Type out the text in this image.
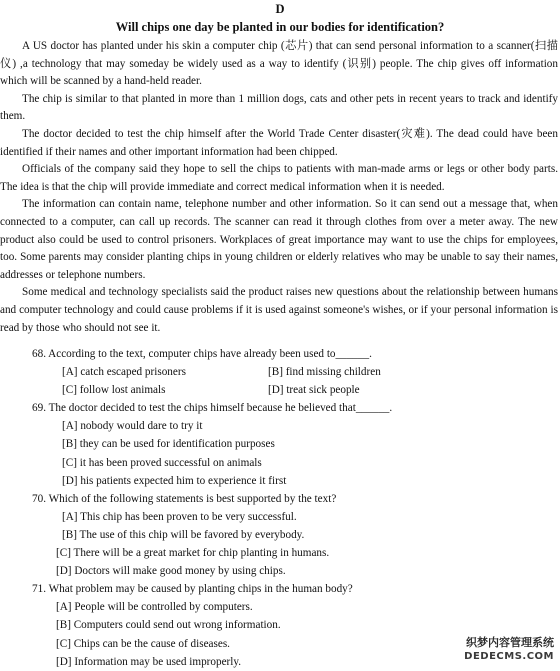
D
Will chips one day be planted in our bodies for identification?

A US doctor has planted under his skin a computer chip (芯片) that can send personal information to a scanner(扫描仪) ,a technology that may someday be widely used as a way to identify (识别) people. The chip gives off information which will be scanned by a hand-held reader.

The chip is similar to that planted in more than 1 million dogs, cats and other pets in recent years to track and identify them.

The doctor decided to test the chip himself after the World Trade Center disaster(灾难). The dead could have been identified if their names and other important information had been chipped.

Officials of the company said they hope to sell the chips to patients with man-made arms or legs or other body parts. The idea is that the chip will provide immediate and correct medical information when it is needed.

The information can contain name, telephone number and other information. So it can send out a message that, when connected to a computer, can call up records. The scanner can read it through clothes from over a meter away. The new product also could be used to control prisoners. Workplaces of great importance may want to use the chips for employees, too. Some parents may consider planting chips in young children or elderly relatives who may be unable to say their names, addresses or telephone numbers.

Some medical and technology specialists said the product raises new questions about the relationship between humans and computer technology and could cause problems if it is used against someone's wishes, or if your personal information is read by those who should not see it.

68. According to the text, computer chips have already been used to______.
[A] catch escaped prisoners	[B] find missing children
[C] follow lost animals	[D] treat sick people
69. The doctor decided to test the chips himself because he believed that______.
[A] nobody would dare to try it
[B] they can be used for identification purposes
[C] it has been proved successful on animals
[D] his patients expected him to experience it first
70. Which of the following statements is best supported by the text?
[A] This chip has been proven to be very successful.
[B] The use of this chip will be favored by everybody.
[C] There will be a great market for chip planting in humans.
[D] Doctors will make good money by using chips.
71. What problem may be caused by planting chips in the human body?
[A] People will be controlled by computers.
[B] Computers could send out wrong information.
[C] Chips can be the cause of diseases.
[D] Information may be used improperly.
织梦内容管理系统
DEDECMS.COM
